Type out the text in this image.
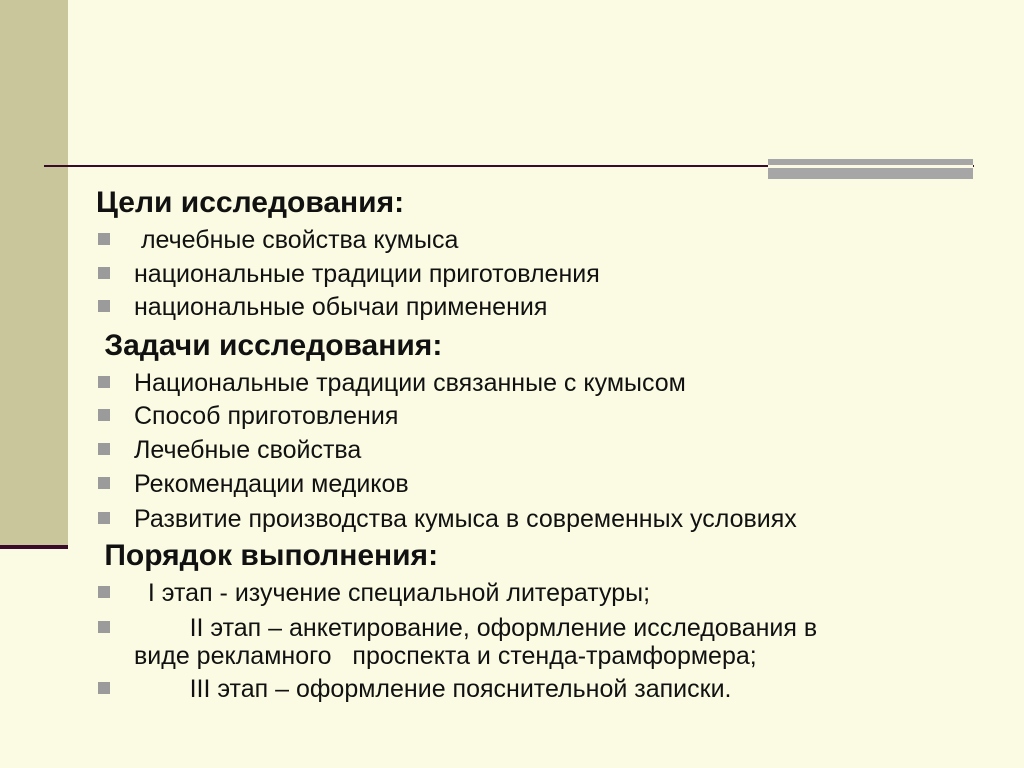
Цели исследования:
лечебные свойства кумыса
национальные традиции приготовления
национальные обычаи применения
Задачи исследования:
Национальные традиции связанные с кумысом
Способ приготовления
Лечебные свойства
Рекомендации медиков
Развитие производства кумыса в современных условиях
Порядок выполнения:
I этап - изучение специальной литературы;
II этап – анкетирование, оформление исследования в
виде рекламного   проспекта и стенда-трамформера;
III этап – оформление пояснительной записки.
